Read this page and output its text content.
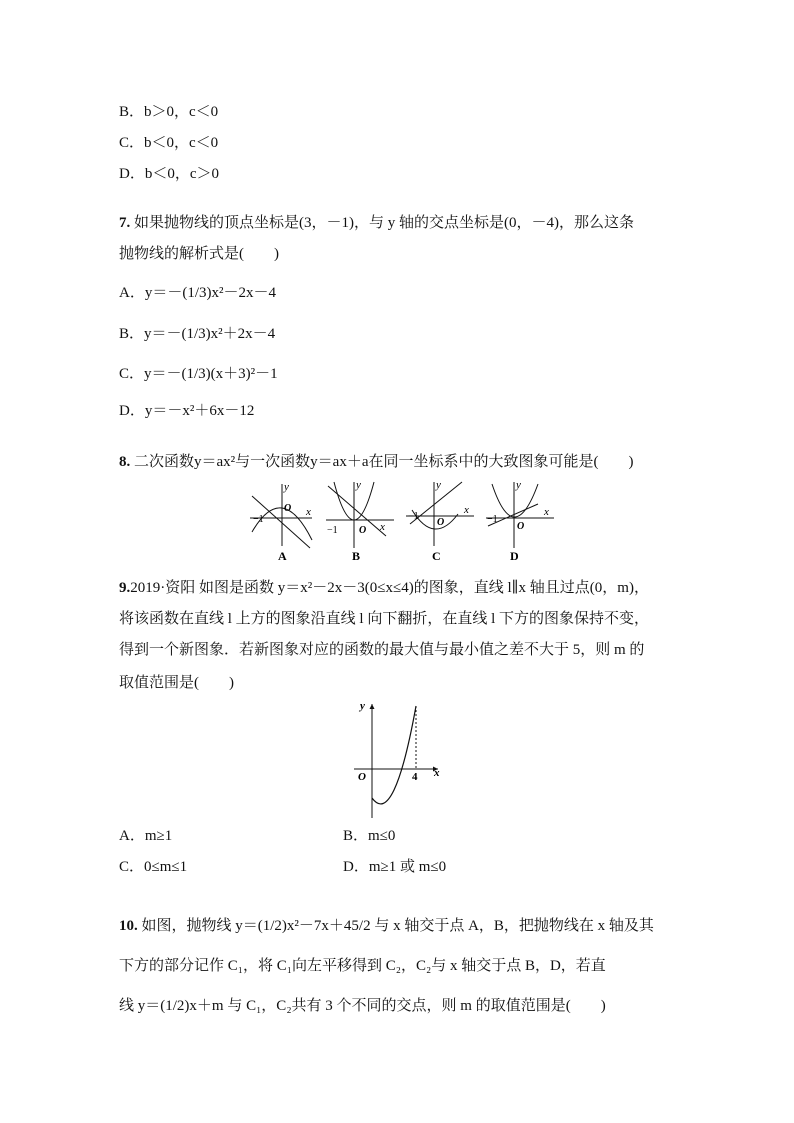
B．b＞0，c＜0
C．b＜0，c＜0
D．b＜0，c＞0
7. 如果抛物线的顶点坐标是(3，－1)，与 y 轴的交点坐标是(0，－4)，那么这条
抛物线的解析式是(　　)
A．y＝－(1/3)x²－2x－4
B．y＝－(1/3)x²＋2x－4
C．y＝－(1/3)(x＋3)²－1
D．y＝－x²＋6x－12
8. 二次函数y＝ax²与一次函数y＝ax＋a在同一坐标系中的大致图象可能是(　　)
y
x
O
−1
A
y
x
O
−1
B
y
x
O
−1
C
y
x
O
−1
D
9.2019·资阳 如图是函数 y＝x²－2x－3(0≤x≤4)的图象，直线 l∥x 轴且过点(0，m)，
将该函数在直线 l 上方的图象沿直线 l 向下翻折，在直线 l 下方的图象保持不变，
得到一个新图象．若新图象对应的函数的最大值与最小值之差不大于 5，则 m 的
取值范围是(　　)
y
x
O	4
A．m≥1	B．m≤0
C．0≤m≤1	D．m≥1 或 m≤0
10. 如图，抛物线 y＝(1/2)x²－7x＋45/2 与 x 轴交于点 A，B，把抛物线在 x 轴及其
下方的部分记作 C₁，将 C₁向左平移得到 C₂，C₂与 x 轴交于点 B，D，若直
线 y＝(1/2)x＋m 与 C₁，C₂共有 3 个不同的交点，则 m 的取值范围是(　　)
